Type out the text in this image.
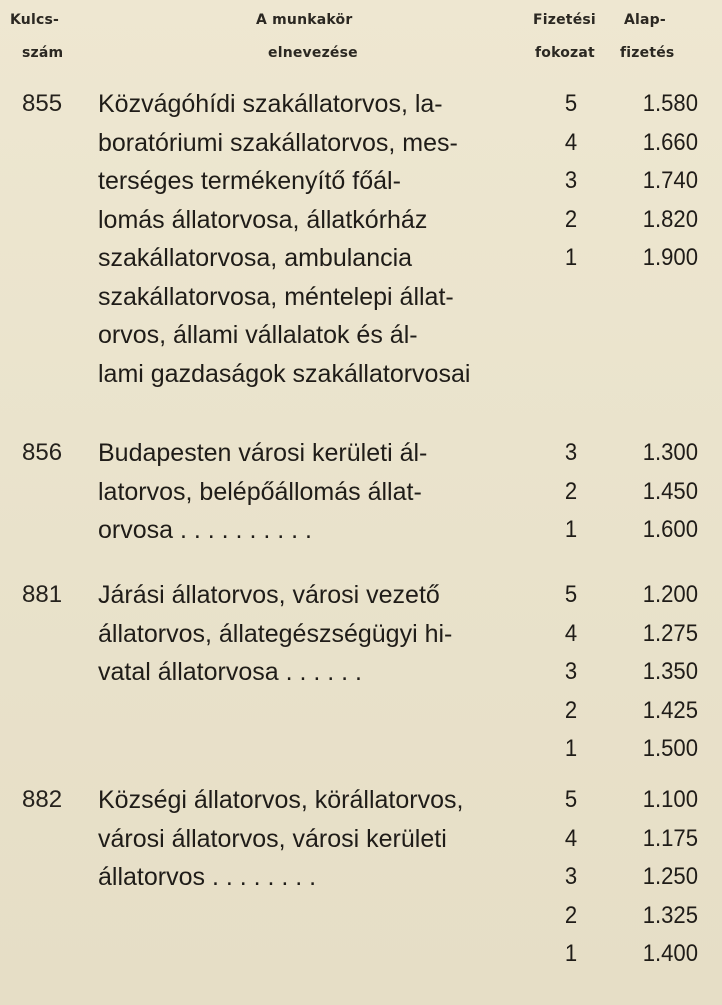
Kulcs-
szám
A munkakör
elnevezése
Fizetési
fokozat
Alap-
fizetés
855 Közvágóhídi szakállatorvos, la-
boratóriumi szakállatorvos, mes-
terséges termékenyítő főál-
lomás állatorvosa, állatkórház
szakállatorvosa, ambulancia
szakállatorvosa, méntelepi állat-
orvos, állami vállalatok és ál-
lami gazdaságok szakállatorvosai
5
4
3
2
1
1.580
1.660
1.740
1.820
1.900
856 Budapesten városi kerületi ál-
latorvos, belépőállomás állat-
orvosa . . . . . . . . . .
3
2
1
1.300
1.450
1.600
881 Járási állatorvos, városi vezető
állatorvos, állategészségügyi hi-
vatal állatorvosa . . . . . .
5
4
3
2
1
1.200
1.275
1.350
1.425
1.500
882 Községi állatorvos, körállatorvos,
városi állatorvos, városi kerületi
állatorvos . . . . . . . .
5
4
3
2
1
1.100
1.175
1.250
1.325
1.400
